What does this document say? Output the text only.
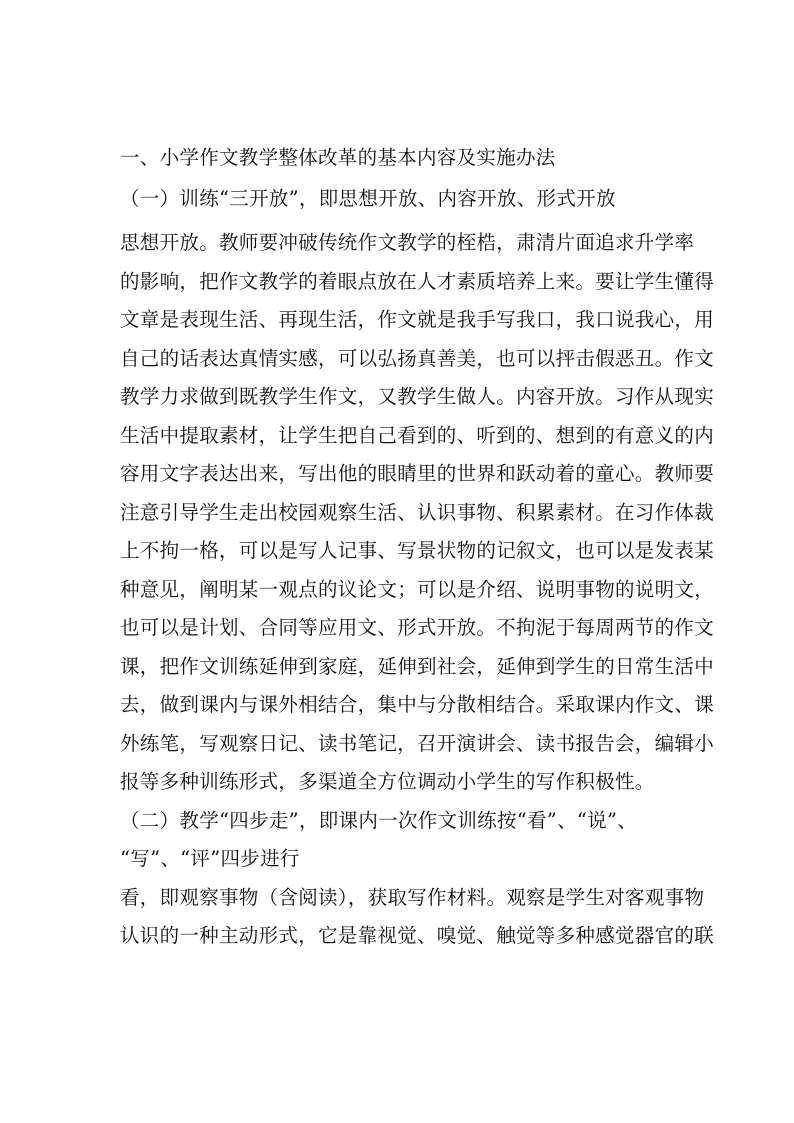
一、小学作文教学整体改革的基本内容及实施办法
（一）训练“三开放”，即思想开放、内容开放、形式开放
思想开放。教师要冲破传统作文教学的桎梏，肃清片面追求升学率
的影响，把作文教学的着眼点放在人才素质培养上来。要让学生懂得
文章是表现生活、再现生活，作文就是我手写我口，我口说我心，用
自己的话表达真情实感，可以弘扬真善美，也可以抨击假恶丑。作文
教学力求做到既教学生作文，又教学生做人。内容开放。习作从现实
生活中提取素材，让学生把自己看到的、听到的、想到的有意义的内
容用文字表达出来，写出他的眼睛里的世界和跃动着的童心。教师要
注意引导学生走出校园观察生活、认识事物、积累素材。在习作体裁
上不拘一格，可以是写人记事、写景状物的记叙文，也可以是发表某
种意见，阐明某一观点的议论文；可以是介绍、说明事物的说明文，
也可以是计划、合同等应用文、形式开放。不拘泥于每周两节的作文
课，把作文训练延伸到家庭，延伸到社会，延伸到学生的日常生活中
去，做到课内与课外相结合，集中与分散相结合。采取课内作文、课
外练笔，写观察日记、读书笔记，召开演讲会、读书报告会，编辑小
报等多种训练形式，多渠道全方位调动小学生的写作积极性。
（二）教学“四步走”，即课内一次作文训练按“看”、“说”、
“写”、“评”四步进行
看，即观察事物（含阅读），获取写作材料。观察是学生对客观事物
认识的一种主动形式，它是靠视觉、嗅觉、触觉等多种感觉器官的联
